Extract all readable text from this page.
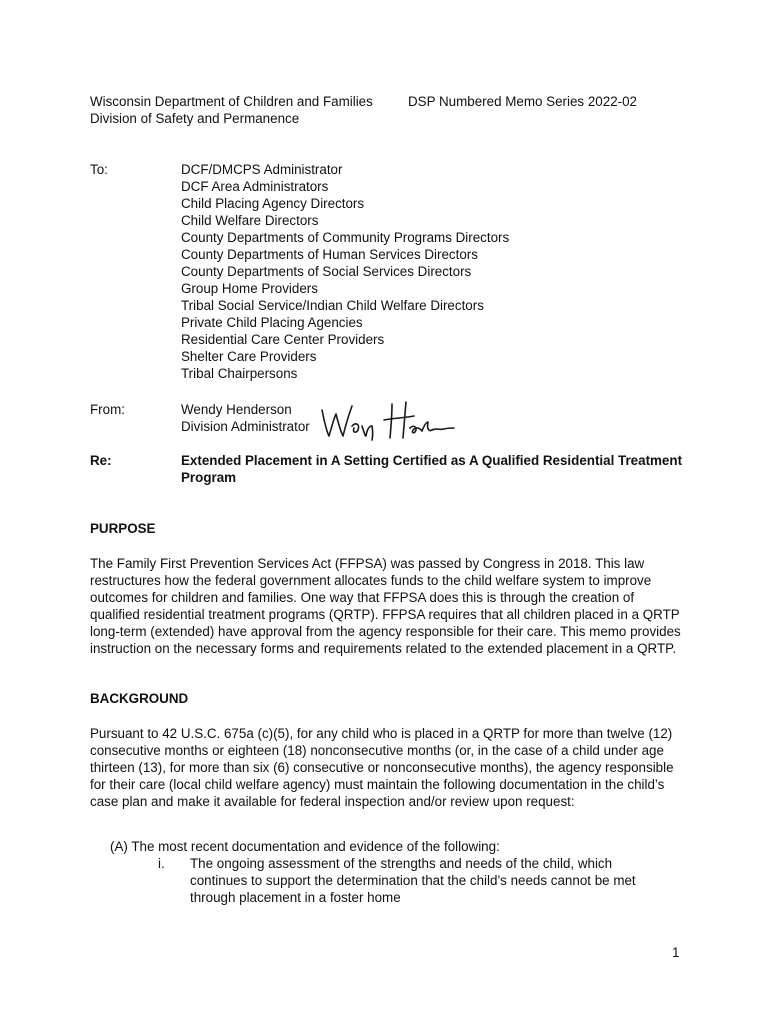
Wisconsin Department of Children and Families
Division of Safety and Permanence
DSP Numbered Memo Series 2022-02
To:	DCF/DMCPS Administrator
DCF Area Administrators
Child Placing Agency Directors
Child Welfare Directors
County Departments of Community Programs Directors
County Departments of Human Services Directors
County Departments of Social Services Directors
Group Home Providers
Tribal Social Service/Indian Child Welfare Directors
Private Child Placing Agencies
Residential Care Center Providers
Shelter Care Providers
Tribal Chairpersons
From:	Wendy Henderson
Division Administrator
Re:	Extended Placement in A Setting Certified as A Qualified Residential Treatment Program
PURPOSE
The Family First Prevention Services Act (FFPSA) was passed by Congress in 2018. This law restructures how the federal government allocates funds to the child welfare system to improve outcomes for children and families. One way that FFPSA does this is through the creation of qualified residential treatment programs (QRTP). FFPSA requires that all children placed in a QRTP long-term (extended) have approval from the agency responsible for their care. This memo provides instruction on the necessary forms and requirements related to the extended placement in a QRTP.
BACKGROUND
Pursuant to 42 U.S.C. 675a (c)(5), for any child who is placed in a QRTP for more than twelve (12) consecutive months or eighteen (18) nonconsecutive months (or, in the case of a child under age thirteen (13), for more than six (6) consecutive or nonconsecutive months), the agency responsible for their care (local child welfare agency) must maintain the following documentation in the child’s case plan and make it available for federal inspection and/or review upon request:
(A) The most recent documentation and evidence of the following:
i. The ongoing assessment of the strengths and needs of the child, which continues to support the determination that the child’s needs cannot be met through placement in a foster home
1
